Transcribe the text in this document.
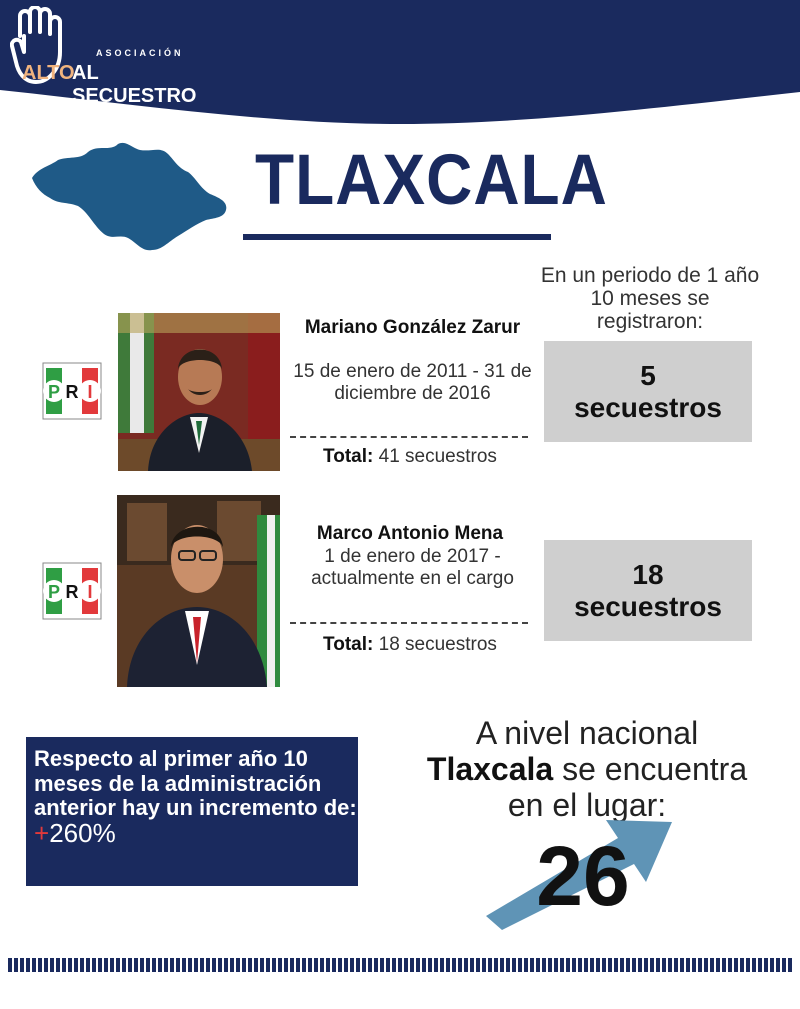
ASOCIACIÓN
ALTO
AL SECUESTRO
TLAXCALA
En un periodo de 1 año 10 meses se registraron:
P R I
Mariano González Zarur
15 de enero de 2011 - 31 de diciembre de 2016
Total: 41 secuestros
5
secuestros
P R I
Marco Antonio Mena
1 de enero de 2017 - actualmente en el cargo
Total: 18 secuestros
18
secuestros
Respecto al primer año 10 meses de la administración anterior hay un incremento de: +260%
A nivel nacional
Tlaxcala se encuentra
en el lugar:
26
